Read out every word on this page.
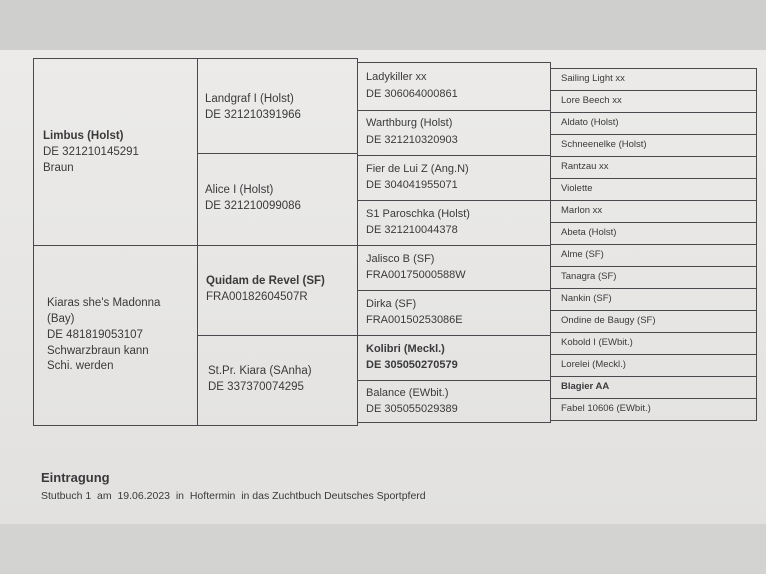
Limbus (Holst)
DE 321210145291
Braun
Kiaras she's Madonna
(Bay)
DE 481819053107
Schwarzbraun kann
Schi. werden
Landgraf I (Holst)
DE 321210391966
Alice I (Holst)
DE 321210099086
Quidam de Revel (SF)
FRA00182604507R
St.Pr. Kiara (SAnha)
DE 337370074295
Ladykiller xx
DE 306064000861
Warthburg (Holst)
DE 321210320903
Fier de Lui Z (Ang.N)
DE 304041955071
S1 Paroschka (Holst)
DE 321210044378
Jalisco B (SF)
FRA00175000588W
Dirka (SF)
FRA00150253086E
Kolibri (Meckl.)
DE 305050270579
Balance (EWbit.)
DE 305055029389
Sailing Light xx
Lore Beech xx
Aldato (Holst)
Schneenelke (Holst)
Rantzau xx
Violette
Marlon xx
Abeta (Holst)
Alme (SF)
Tanagra (SF)
Nankin (SF)
Ondine de Baugy (SF)
Kobold I (EWbit.)
Lorelei (Meckl.)
Blagier AA
Fabel 10606 (EWbit.)
Eintragung
Stutbuch 1  am  19.06.2023  in  Hoftermin  in das Zuchtbuch Deutsches Sportpferd
